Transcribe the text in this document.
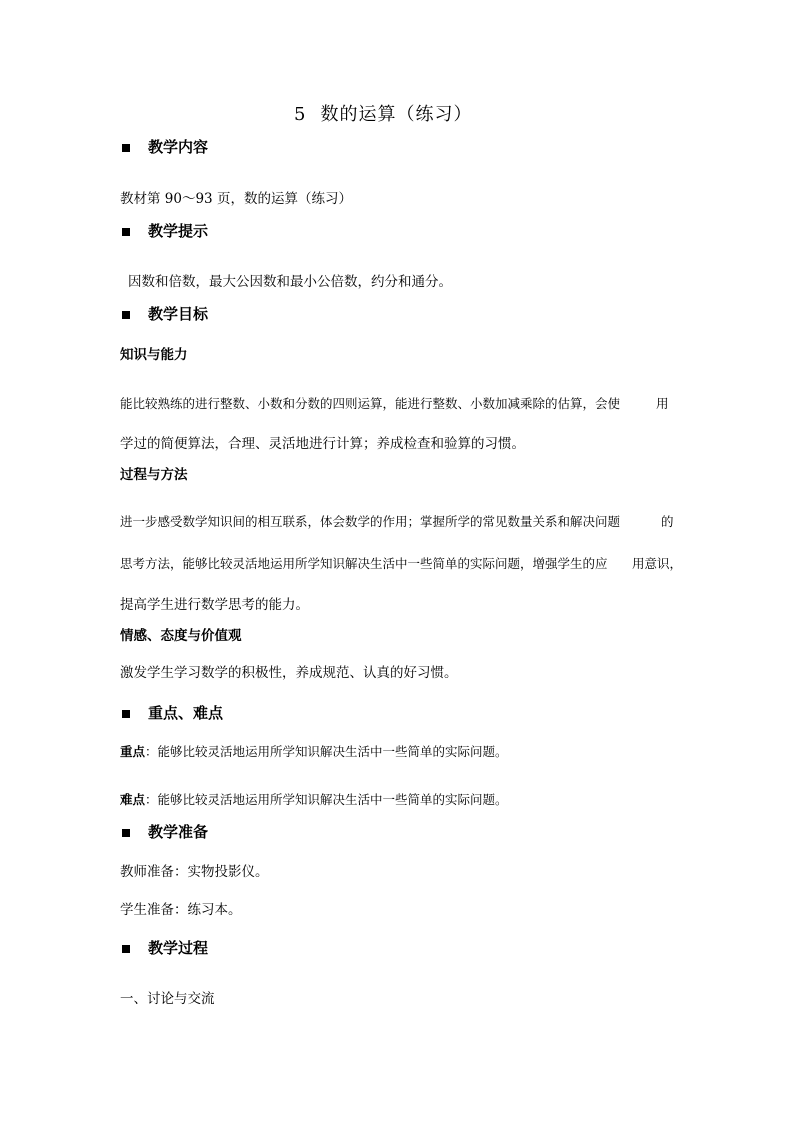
5 数的运算（练习）
教学内容
教材第 90～93 页，数的运算（练习）
教学提示
因数和倍数，最大公因数和最小公倍数，约分和通分。
教学目标
知识与能力
能比较熟练的进行整数、小数和分数的四则运算，能进行整数、小数加减乘除的估算，会使	用
学过的简便算法，合理、灵活地进行计算；养成检查和验算的习惯。
过程与方法
进一步感受数学知识间的相互联系，体会数学的作用；掌握所学的常见数量关系和解决问题	的
思考方法，能够比较灵活地运用所学知识解决生活中一些简单的实际问题，增强学生的应 用意识，
提高学生进行数学思考的能力。
情感、态度与价值观
激发学生学习数学的积极性，养成规范、认真的好习惯。
重点、难点
重点：能够比较灵活地运用所学知识解决生活中一些简单的实际问题。
难点：能够比较灵活地运用所学知识解决生活中一些简单的实际问题。
教学准备
教师准备：实物投影仪。
学生准备：练习本。
教学过程
一、讨论与交流
